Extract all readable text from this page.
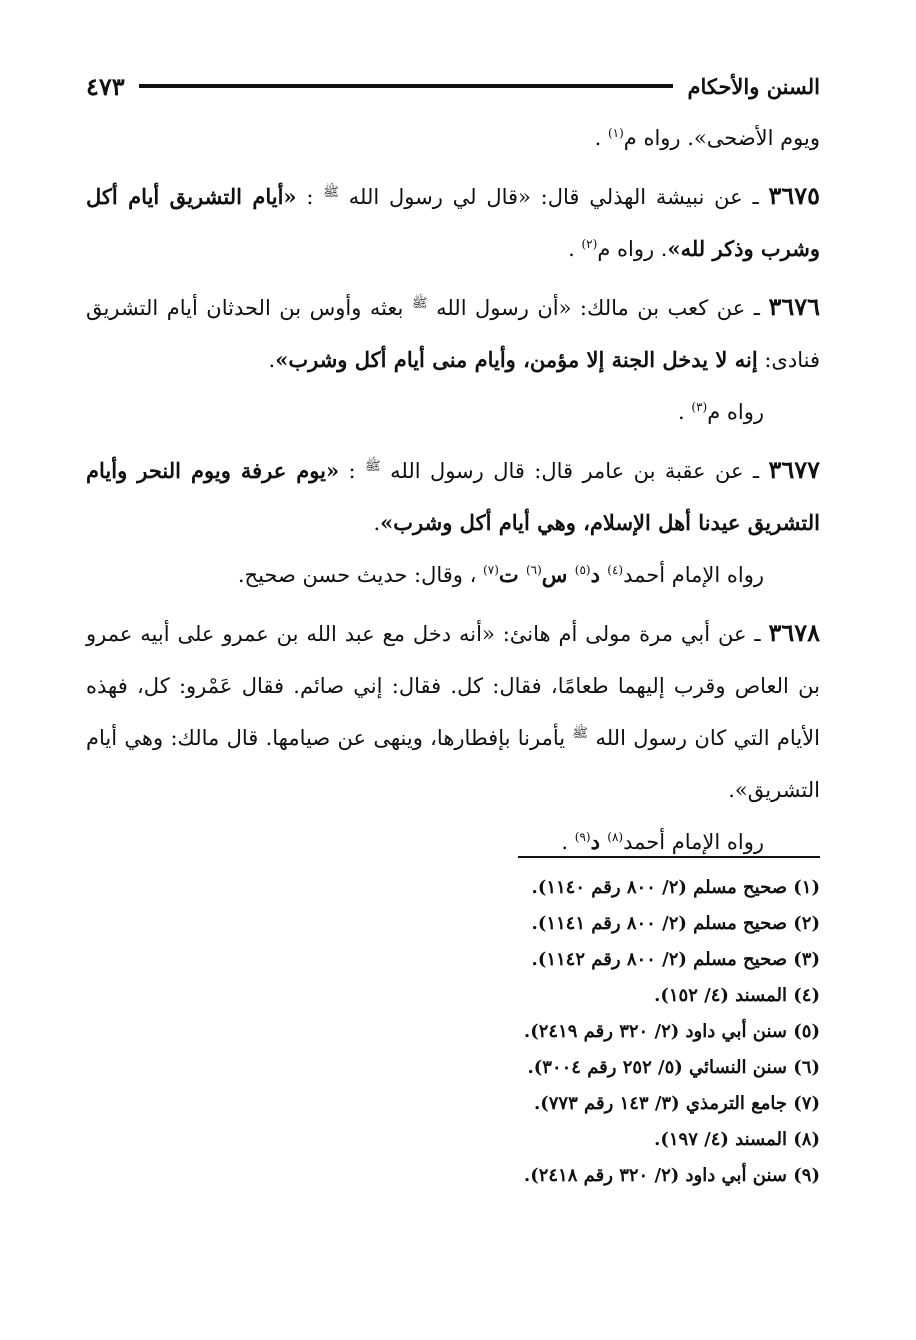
السنن والأحكام
٤٧٣

ويوم الأضحى». رواه م$^{(١)}$ .

٣٦٧٥ ـ عن نبيشة الهذلي قال: «قال لي رسول الله $^ﷺ$ : «أيام التشريق أيام أكل وشرب وذكر لله». رواه م$^{(٢)}$ .

٣٦٧٦ ـ عن كعب بن مالك: «أن رسول الله $^ﷺ$ بعثه وأوس بن الحدثان أيام التشريق فنادى: إنه لا يدخل الجنة إلا مؤمن، وأيام منى أيام أكل وشرب».

رواه م$^{(٣)}$ .

٣٦٧٧ ـ عن عقبة بن عامر قال: قال رسول الله $^ﷺ$ : «يوم عرفة ويوم النحر وأيام التشريق عيدنا أهل الإسلام، وهي أيام أكل وشرب».

رواه الإمام أحمد$^{(٤)}$ د$^{(٥)}$ س$^{(٦)}$ ت$^{(٧)}$ ، وقال: حديث حسن صحيح.

٣٦٧٨ ـ عن أبي مرة مولى أم هانئ: «أنه دخل مع عبد الله بن عمرو على أبيه عمرو بن العاص وقرب إليهما طعامًا، فقال: كل. فقال: إني صائم. فقال عَمْرو: كل، فهذه الأيام التي كان رسول الله $^ﷺ$ يأمرنا بإفطارها، وينهى عن صيامها. قال مالك: وهي أيام التشريق».

رواه الإمام أحمد$^{(٨)}$ د$^{(٩)}$ .

(١) صحيح مسلم (٢/ ٨٠٠ رقم ١١٤٠).

(٢) صحيح مسلم (٢/ ٨٠٠ رقم ١١٤١).

(٣) صحيح مسلم (٢/ ٨٠٠ رقم ١١٤٢).

(٤) المسند (٤/ ١٥٢).

(٥) سنن أبي داود (٢/ ٣٢٠ رقم ٢٤١٩).

(٦) سنن النسائي (٥/ ٢٥٢ رقم ٣٠٠٤).

(٧) جامع الترمذي (٣/ ١٤٣ رقم ٧٧٣).

(٨) المسند (٤/ ١٩٧).

(٩) سنن أبي داود (٢/ ٣٢٠ رقم ٢٤١٨).
